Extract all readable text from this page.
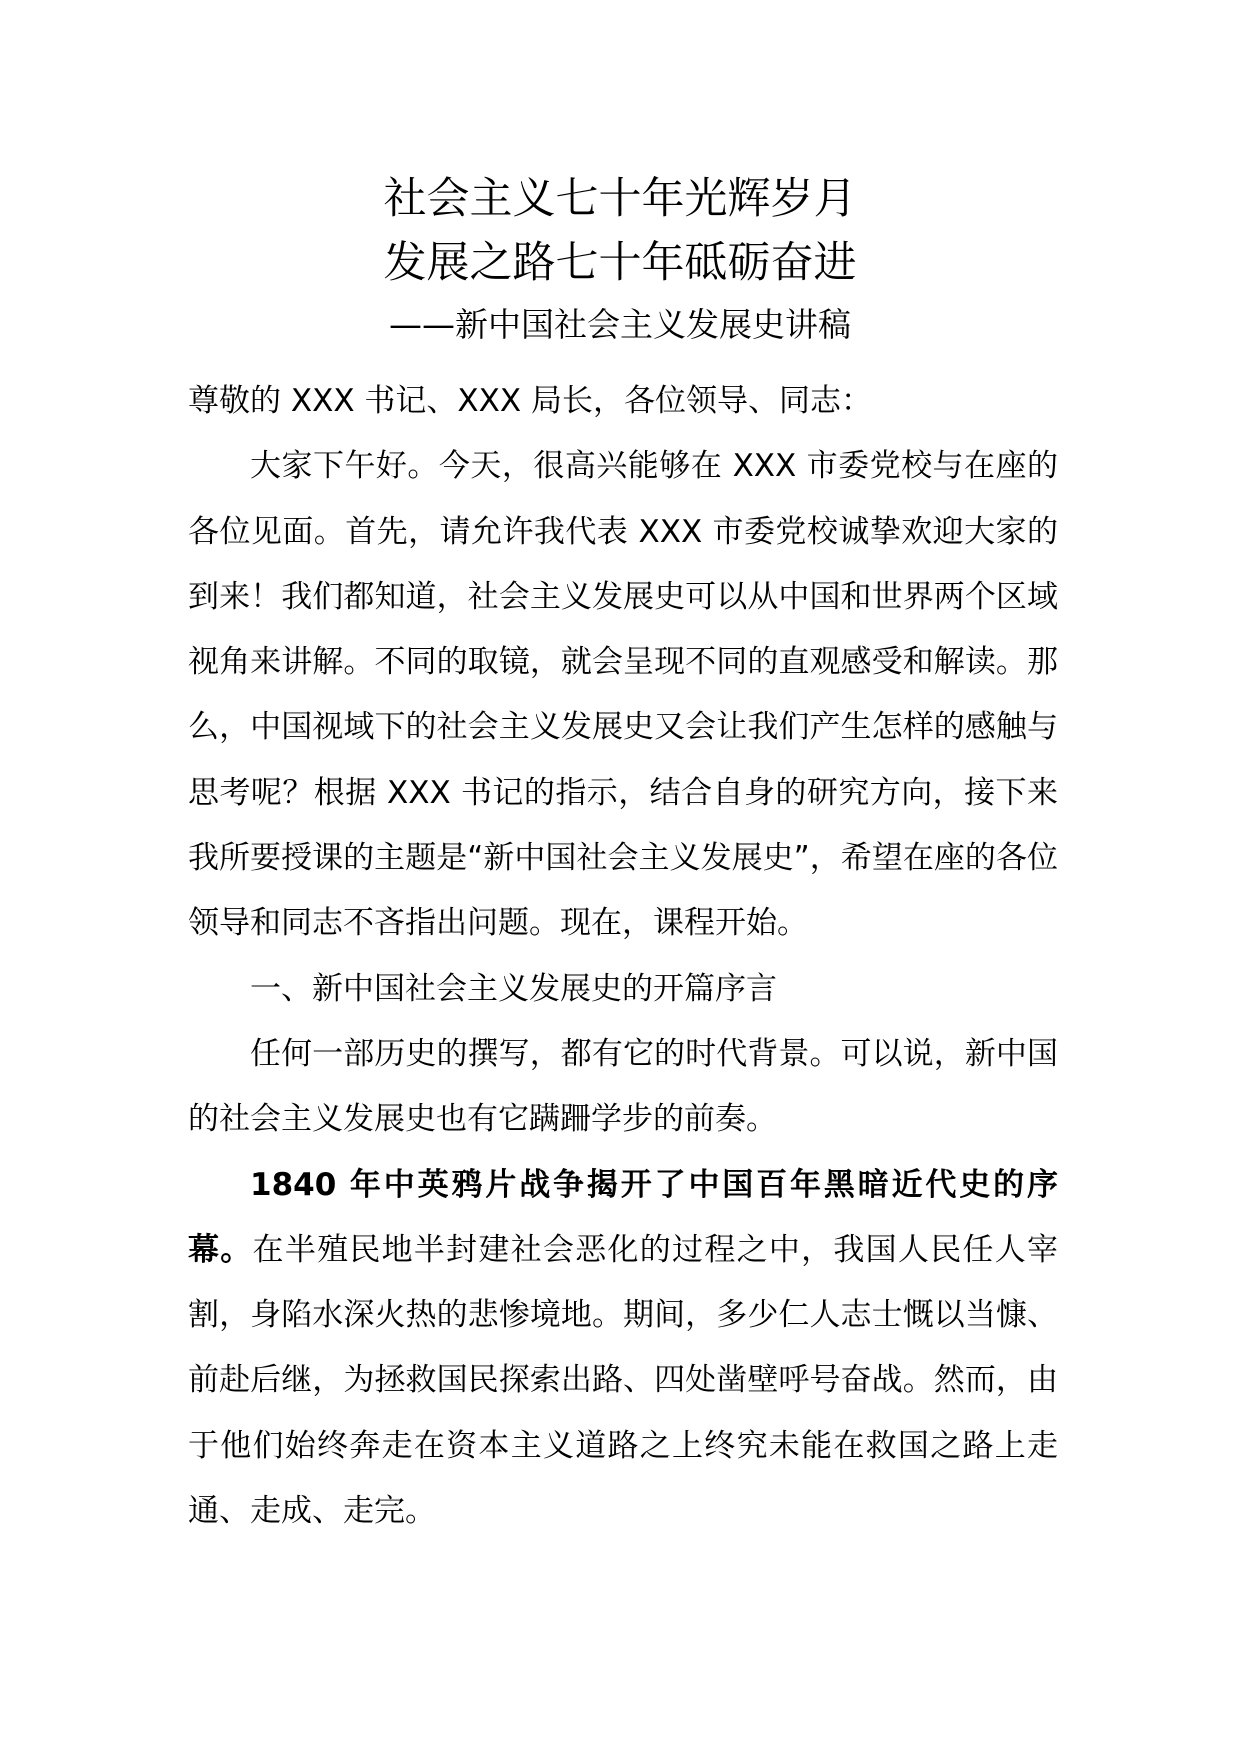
社会主义七十年光辉岁月
发展之路七十年砥砺奋进
——新中国社会主义发展史讲稿

尊敬的 XXX 书记、XXX 局长，各位领导、同志：

大家下午好。今天，很高兴能够在 XXX 市委党校与在座的各位见面。首先，请允许我代表 XXX 市委党校诚挚欢迎大家的到来！我们都知道，社会主义发展史可以从中国和世界两个区域视角来讲解。不同的取镜，就会呈现不同的直观感受和解读。那么，中国视域下的社会主义发展史又会让我们产生怎样的感触与思考呢？根据 XXX 书记的指示，结合自身的研究方向，接下来我所要授课的主题是“新中国社会主义发展史”，希望在座的各位领导和同志不吝指出问题。现在，课程开始。

一、新中国社会主义发展史的开篇序言

任何一部历史的撰写，都有它的时代背景。可以说，新中国的社会主义发展史也有它蹒跚学步的前奏。

1840 年中英鸦片战争揭开了中国百年黑暗近代史的序幕。在半殖民地半封建社会恶化的过程之中，我国人民任人宰割，身陷水深火热的悲惨境地。期间，多少仁人志士慨以当慷、前赴后继，为拯救国民探索出路、四处凿壁呼号奋战。然而，由于他们始终奔走在资本主义道路之上终究未能在救国之路上走通、走成、走完。
